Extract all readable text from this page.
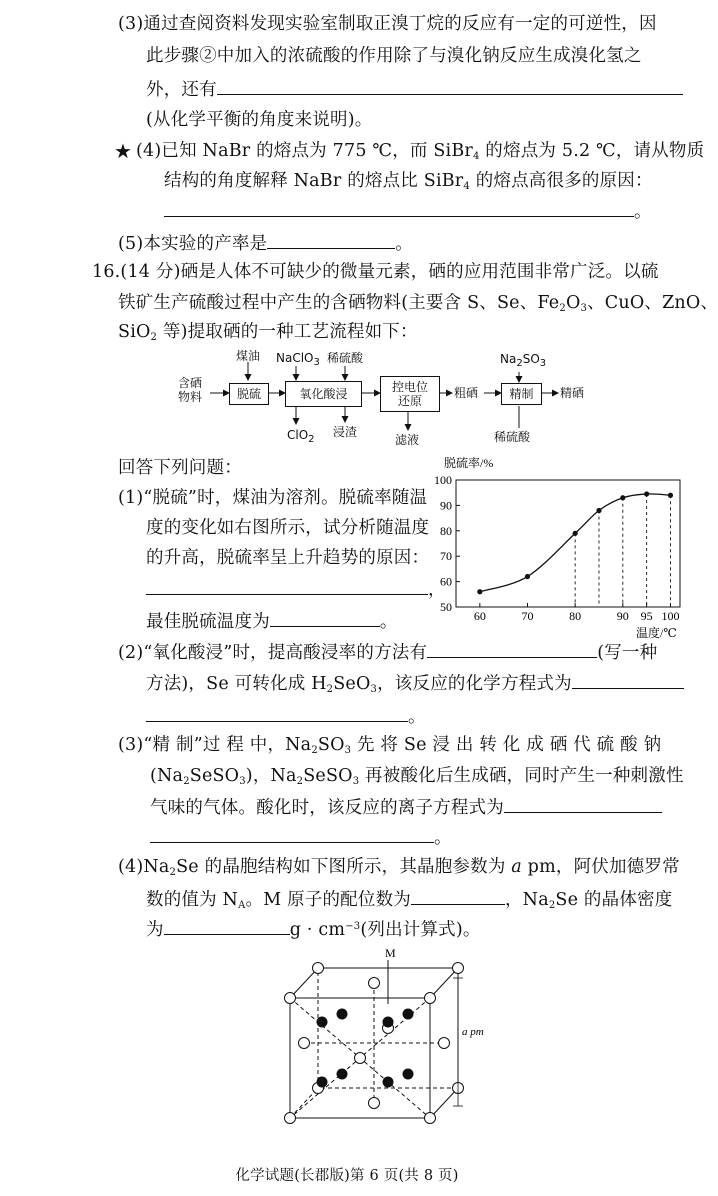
(3)通过查阅资料发现实验室制取正溴丁烷的反应有一定的可逆性，因
此步骤②中加入的浓硫酸的作用除了与溴化钠反应生成溴化氢之
外，还有
(从化学平衡的角度来说明)。
★ (4)已知 NaBr 的熔点为 775 ℃，而 SiBr$_4$ 的熔点为 5.2 ℃，请从物质
结构的角度解释 NaBr 的熔点比 SiBr$_4$ 的熔点高很多的原因：
。
(5)本实验的产率是	。
16.(14 分)硒是人体不可缺少的微量元素，硒的应用范围非常广泛。以硫
铁矿生产硫酸过程中产生的含硒物料(主要含 S、Se、$Fe_2O_3$、CuO、ZnO、
SiO$_2$ 等)提取硒的一种工艺流程如下：
含硒
物料
煤油 NaClO$_3$ 稀硫酸
脱硫	氧化酸浸	控电位
还原
粗硒	精制	精硒
$Na_2SO_3$
稀硫酸
ClO$_2$
浸渣
滤液
回答下列问题：
(1)“脱硫”时，煤油为溶剂。脱硫率随温
度的变化如右图所示，试分析随温度
的升高，脱硫率呈上升趋势的原因：
，
最佳脱硫温度为	。
脱硫率/%
温度/℃
50
60
70
80
90
100
60	70	80	90 95 100
(2)“氧化酸浸”时，提高酸浸率的方法有	(写一种
方法)，Se 可转化成 $H_2SeO_3$，该反应的化学方程式为
。
(3)“精 制”过 程 中，$Na_2SO_3$ 先 将 Se 浸 出 转 化 成 硒 代 硫 酸 钠
$(Na_2SeSO_3)$，$Na_2SeSO_3$ 再被酸化后生成硒，同时产生一种刺激性
气味的气体。酸化时，该反应的离子方程式为
。
$(4)Na_2Se$ 的晶胞结构如下图所示，其晶胞参数为 a pm，阿伏加德罗常
数的值为 $N_A$。M 原子的配位数为	，$Na_2Se$ 的晶体密度
为	$g \cdot cm^{-3}$(列出计算式)。
M
a pm
化学试题(长郡版)第 6 页(共 8 页)
